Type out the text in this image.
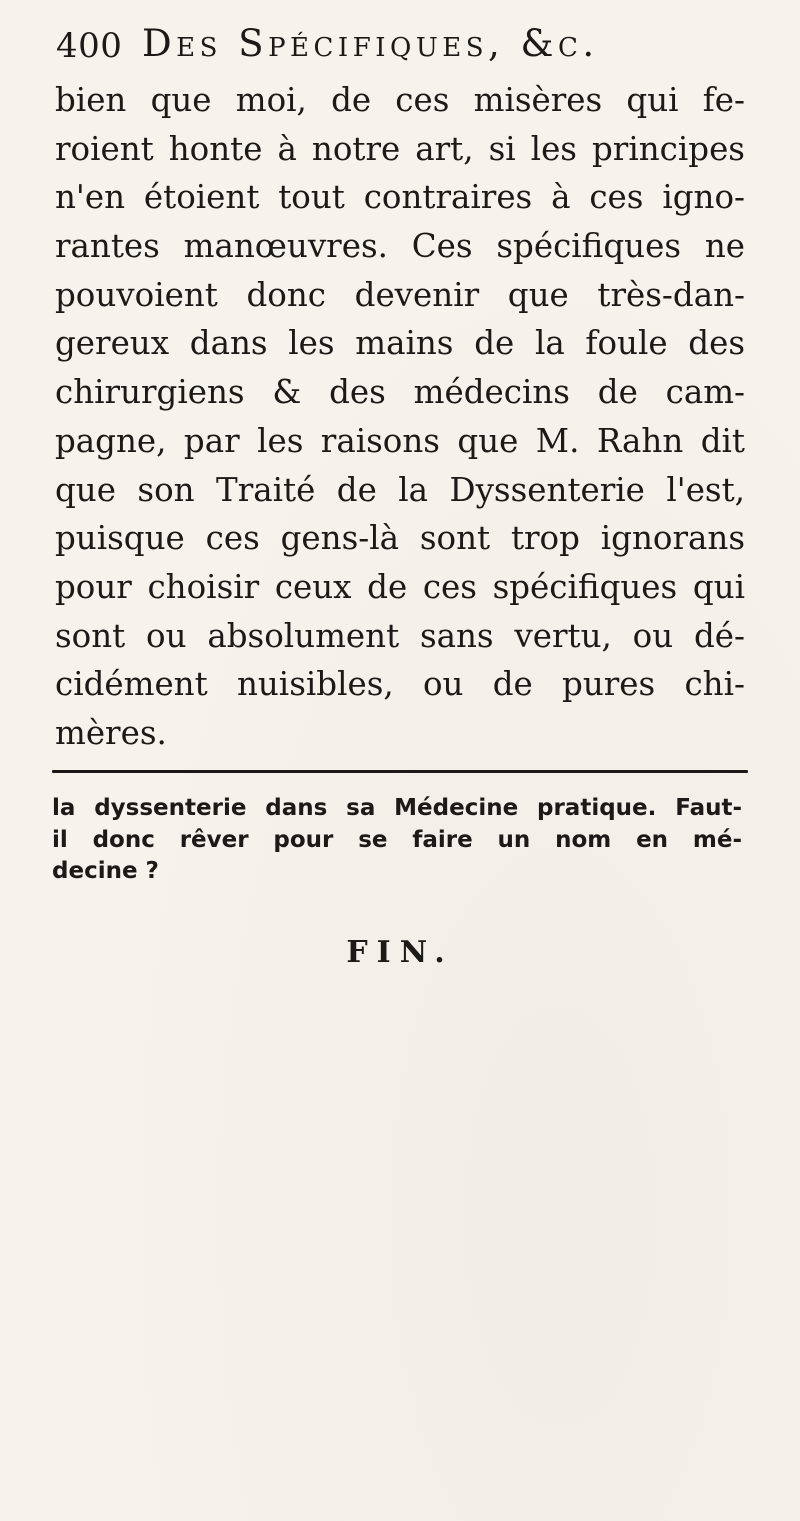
400 Des Spécifiques, &c.
bien que moi, de ces misères qui fe-
roient honte à notre art, si les principes
n'en étoient tout contraires à ces igno-
rantes manœuvres. Ces spécifiques ne
pouvoient donc devenir que très-dan-
gereux dans les mains de la foule des
chirurgiens & des médecins de cam-
pagne, par les raisons que M. Rahn dit
que son Traité de la Dyssenterie l'est,
puisque ces gens-là sont trop ignorans
pour choisir ceux de ces spécifiques qui
sont ou absolument sans vertu, ou dé-
cidément nuisibles, ou de pures chi-
mères.
la dyssenterie dans sa Médecine pratique. Faut-
il donc rêver pour se faire un nom en mé-
decine ?
FIN.
